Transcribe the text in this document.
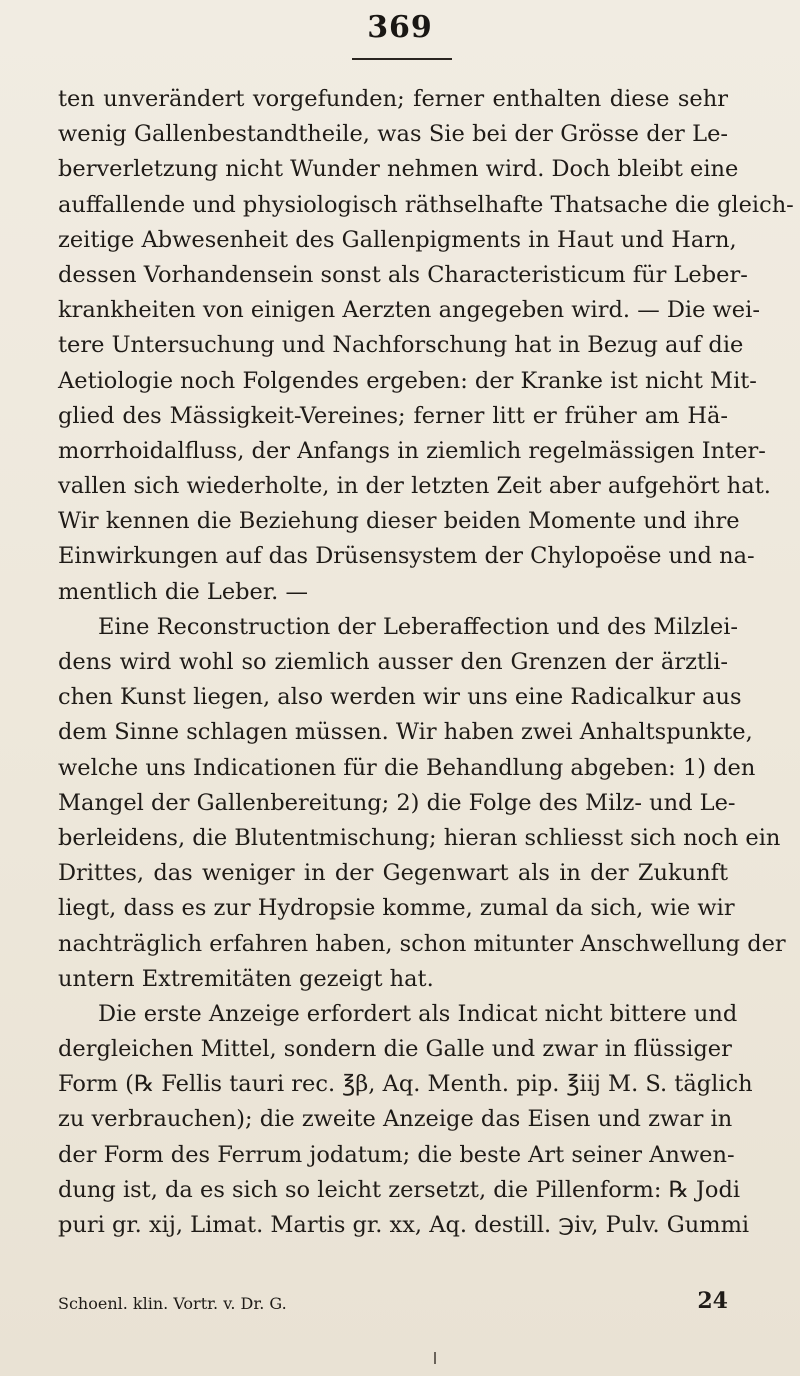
369
ten unverändert vorgefunden; ferner enthalten diese sehr
wenig Gallenbestandtheile, was Sie bei der Grösse der Le-
berverletzung nicht Wunder nehmen wird. Doch bleibt eine
auffallende und physiologisch räthselhafte Thatsache die gleich-
zeitige Abwesenheit des Gallenpigments in Haut und Harn,
dessen Vorhandensein sonst als Characteristicum für Leber-
krankheiten von einigen Aerzten angegeben wird. — Die wei-
tere Untersuchung und Nachforschung hat in Bezug auf die
Aetiologie noch Folgendes ergeben: der Kranke ist nicht Mit-
glied des Mässigkeit-Vereines; ferner litt er früher am Hä-
morrhoidalfluss, der Anfangs in ziemlich regelmässigen Inter-
vallen sich wiederholte, in der letzten Zeit aber aufgehört hat.
Wir kennen die Beziehung dieser beiden Momente und ihre
Einwirkungen auf das Drüsensystem der Chylopoëse und na-
mentlich die Leber. —
Eine Reconstruction der Leberaffection und des Milzlei-
dens wird wohl so ziemlich ausser den Grenzen der ärztli-
chen Kunst liegen, also werden wir uns eine Radicalkur aus
dem Sinne schlagen müssen. Wir haben zwei Anhaltspunkte,
welche uns Indicationen für die Behandlung abgeben: 1) den
Mangel der Gallenbereitung; 2) die Folge des Milz- und Le-
berleidens, die Blutentmischung; hieran schliesst sich noch ein
Drittes, das weniger in der Gegenwart als in der Zukunft
liegt, dass es zur Hydropsie komme, zumal da sich, wie wir
nachträglich erfahren haben, schon mitunter Anschwellung der
untern Extremitäten gezeigt hat.
Die erste Anzeige erfordert als Indicat nicht bittere und
dergleichen Mittel, sondern die Galle und zwar in flüssiger
Form (℞ Fellis tauri rec. ℥β, Aq. Menth. pip. ℥iij M. S. täglich
zu verbrauchen); die zweite Anzeige das Eisen und zwar in
der Form des Ferrum jodatum; die beste Art seiner Anwen-
dung ist, da es sich so leicht zersetzt, die Pillenform: ℞ Jodi
puri gr. xij, Limat. Martis gr. xx, Aq. destill. ℈iv, Pulv. Gummi
Schoenl. klin. Vortr. v. Dr. G.	24
